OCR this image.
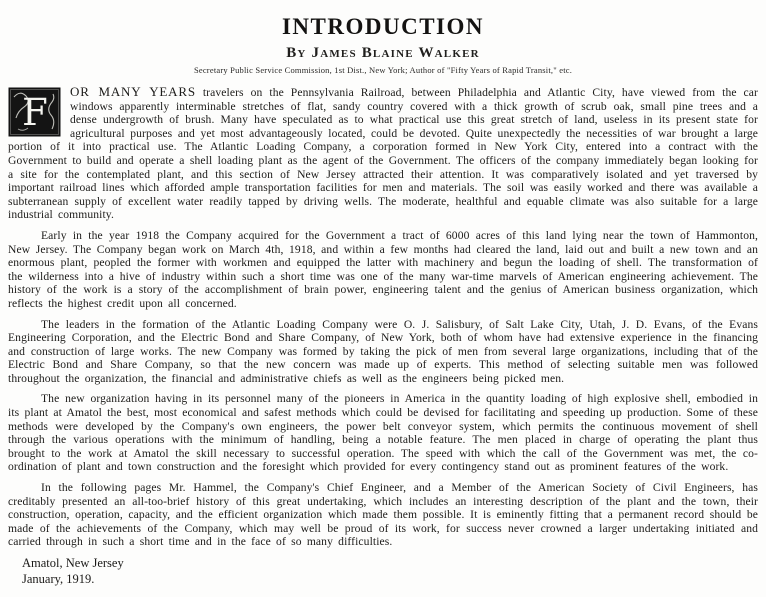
INTRODUCTION
By James Blaine Walker
Secretary Public Service Commission, 1st Dist., New York; Author of "Fifty Years of Rapid Transit," etc.

F OR MANY YEARS travelers on the Pennsylvania Railroad, between Philadelphia and Atlantic City, have viewed from the car windows apparently interminable stretches of flat, sandy country covered with a thick growth of scrub oak, small pine trees and a dense undergrowth of brush. Many have speculated as to what practical use this great stretch of land, useless in its present state for agricultural purposes and yet most advantageously located, could be devoted. Quite unexpectedly the necessities of war brought a large portion of it into practical use. The Atlantic Loading Company, a corporation formed in New York City, entered into a contract with the Government to build and operate a shell loading plant as the agent of the Government. The officers of the company immediately began looking for a site for the contemplated plant, and this section of New Jersey attracted their attention. It was comparatively isolated and yet traversed by important railroad lines which afforded ample transportation facilities for men and materials. The soil was easily worked and there was available a subterranean supply of excellent water readily tapped by driving wells. The moderate, healthful and equable climate was also suitable for a large industrial community.

Early in the year 1918 the Company acquired for the Government a tract of 6000 acres of this land lying near the town of Hammonton, New Jersey. The Company began work on March 4th, 1918, and within a few months had cleared the land, laid out and built a new town and an enormous plant, peopled the former with workmen and equipped the latter with machinery and begun the loading of shell. The transformation of the wilderness into a hive of industry within such a short time was one of the many war-time marvels of American engineering achievement. The history of the work is a story of the accomplishment of brain power, engineering talent and the genius of American business organization, which reflects the highest credit upon all concerned.

The leaders in the formation of the Atlantic Loading Company were O. J. Salisbury, of Salt Lake City, Utah, J. D. Evans, of the Evans Engineering Corporation, and the Electric Bond and Share Company, of New York, both of whom have had extensive experience in the financing and construction of large works. The new Company was formed by taking the pick of men from several large organizations, including that of the Electric Bond and Share Company, so that the new concern was made up of experts. This method of selecting suitable men was followed throughout the organization, the financial and administrative chiefs as well as the engineers being picked men.

The new organization having in its personnel many of the pioneers in America in the quantity loading of high explosive shell, embodied in its plant at Amatol the best, most economical and safest methods which could be devised for facilitating and speeding up production. Some of these methods were developed by the Company's own engineers, the power belt conveyor system, which permits the continuous movement of shell through the various operations with the minimum of handling, being a notable feature. The men placed in charge of operating the plant thus brought to the work at Amatol the skill necessary to successful operation. The speed with which the call of the Government was met, the co-ordination of plant and town construction and the foresight which provided for every contingency stand out as prominent features of the work.

In the following pages Mr. Hammel, the Company's Chief Engineer, and a Member of the American Society of Civil Engineers, has creditably presented an all-too-brief history of this great undertaking, which includes an interesting description of the plant and the town, their construction, operation, capacity, and the efficient organization which made them possible. It is eminently fitting that a permanent record should be made of the achievements of the Company, which may well be proud of its work, for success never crowned a larger undertaking initiated and carried through in such a short time and in the face of so many difficulties.

Amatol, New Jersey
January, 1919.
